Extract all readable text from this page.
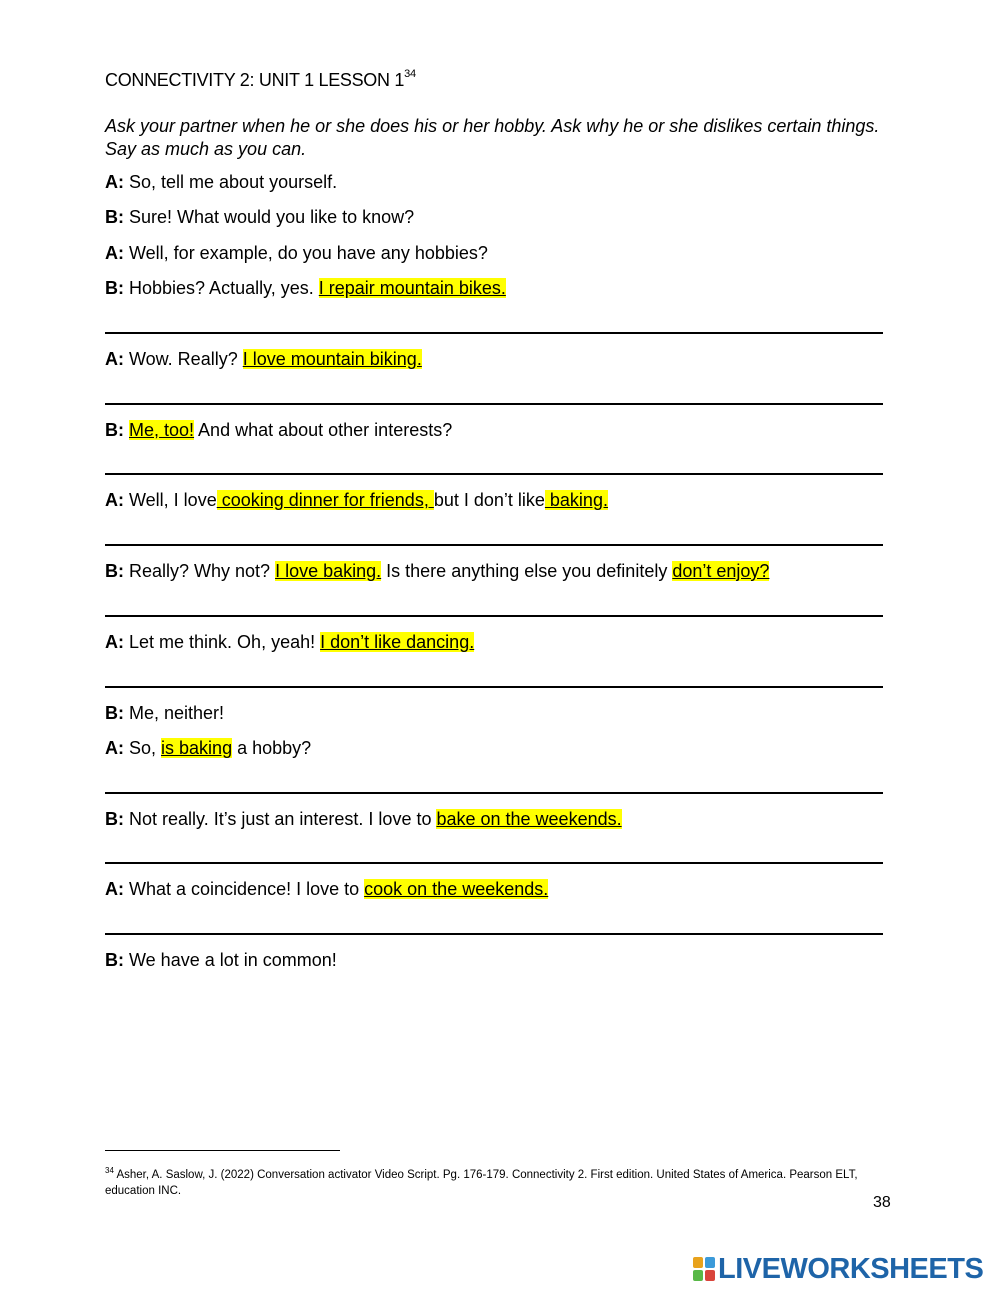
CONNECTIVITY 2: UNIT 1 LESSON $1^{34}$
Ask your partner when he or she does his or her hobby. Ask why he or she dislikes certain things. Say as much as you can.
A: So, tell me about yourself.
B: Sure! What would you like to know?
A: Well, for example, do you have any hobbies?
B: Hobbies? Actually, yes. I repair mountain bikes.
A: Wow. Really? I love mountain biking.
B: Me, too! And what about other interests?
A: Well, I love cooking dinner for friends, but I don’t like baking.
B: Really? Why not? I love baking. Is there anything else you definitely don’t enjoy?
A: Let me think. Oh, yeah! I don’t like dancing.
B: Me, neither!
A: So, is baking a hobby?
B: Not really. It’s just an interest. I love to bake on the weekends.
A: What a coincidence! I love to cook on the weekends.
B: We have a lot in common!
$^{34}$ Asher, A. Saslow, J. (2022) Conversation activator Video Script. Pg. 176-179. Connectivity 2. First edition. United States of America. Pearson ELT, education INC.
38
LIVEWORKSHEETS
